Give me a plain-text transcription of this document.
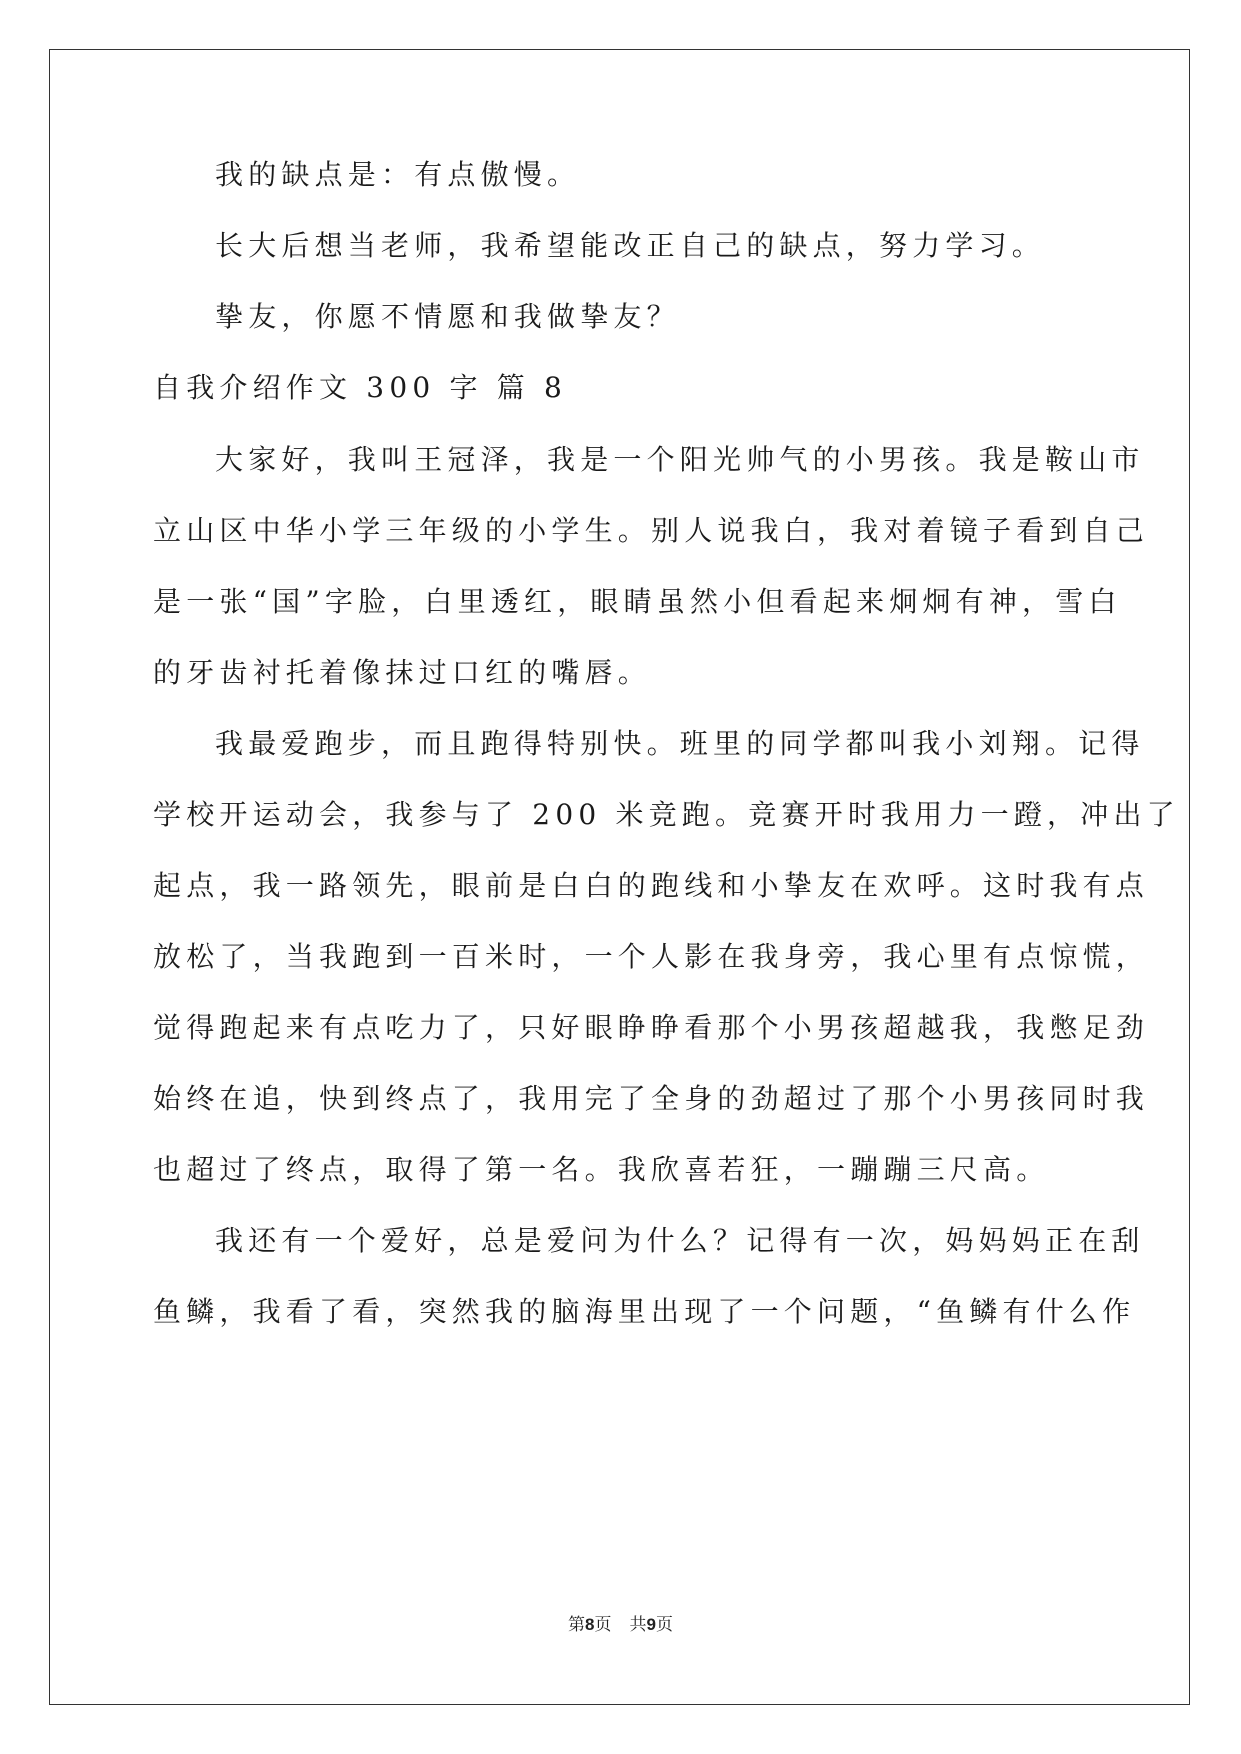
我的缺点是：有点傲慢。
长大后想当老师，我希望能改正自己的缺点，努力学习。
挚友，你愿不情愿和我做挚友？
自我介绍作文 300 字 篇 8
大家好，我叫王冠泽，我是一个阳光帅气的小男孩。我是鞍山市
立山区中华小学三年级的小学生。别人说我白，我对着镜子看到自己
是一张“国”字脸，白里透红，眼睛虽然小但看起来炯炯有神，雪白
的牙齿衬托着像抹过口红的嘴唇。
我最爱跑步，而且跑得特别快。班里的同学都叫我小刘翔。记得
学校开运动会，我参与了 200 米竞跑。竞赛开时我用力一蹬，冲出了
起点，我一路领先，眼前是白白的跑线和小挚友在欢呼。这时我有点
放松了，当我跑到一百米时，一个人影在我身旁，我心里有点惊慌，
觉得跑起来有点吃力了，只好眼睁睁看那个小男孩超越我，我憋足劲
始终在追，快到终点了，我用完了全身的劲超过了那个小男孩同时我
也超过了终点，取得了第一名。我欣喜若狂，一蹦蹦三尺高。
我还有一个爱好，总是爱问为什么？记得有一次，妈妈妈正在刮
鱼鳞，我看了看，突然我的脑海里出现了一个问题，“鱼鳞有什么作
第8页 共9页
